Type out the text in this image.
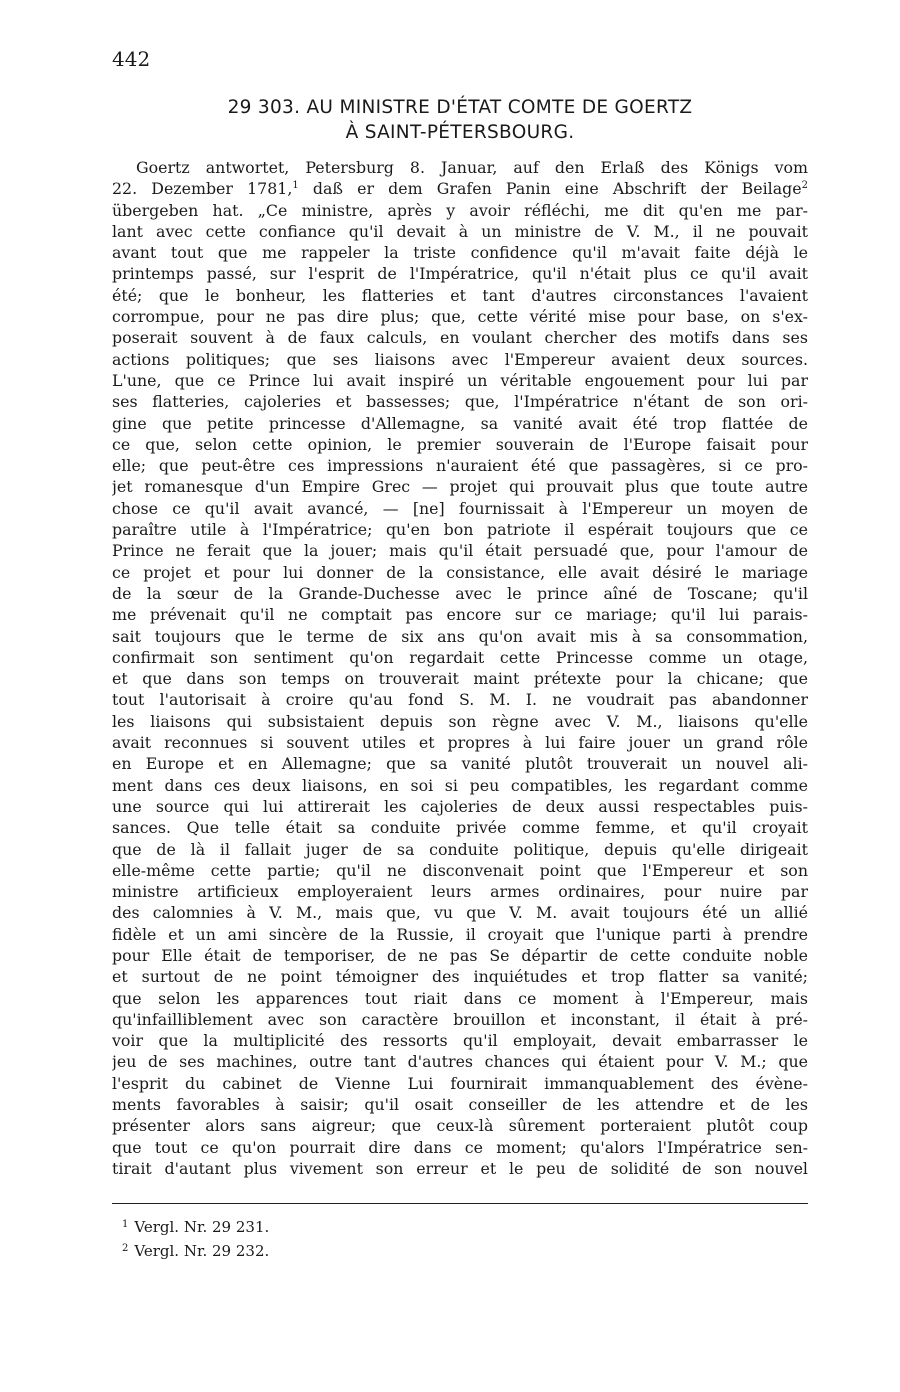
442

29 303. AU MINISTRE D'ÉTAT COMTE DE GOERTZ
À SAINT-PÉTERSBOURG.
Goertz antwortet, Petersburg 8. Januar, auf den Erlaß des Königs vom
22. Dezember 1781,$^1$ daß er dem Grafen Panin eine Abschrift der Beilage$^2$
übergeben hat. „Ce ministre, après y avoir réfléchi, me dit qu'en me par-
lant avec cette confiance qu'il devait à un ministre de V. M., il ne pouvait
avant tout que me rappeler la triste confidence qu'il m'avait faite déjà le
printemps passé, sur l'esprit de l'Impératrice, qu'il n'était plus ce qu'il avait
été; que le bonheur, les flatteries et tant d'autres circonstances l'avaient
corrompue, pour ne pas dire plus; que, cette vérité mise pour base, on s'ex-
poserait souvent à de faux calculs, en voulant chercher des motifs dans ses
actions politiques; que ses liaisons avec l'Empereur avaient deux sources.
L'une, que ce Prince lui avait inspiré un véritable engouement pour lui par
ses flatteries, cajoleries et bassesses; que, l'Impératrice n'étant de son ori-
gine que petite princesse d'Allemagne, sa vanité avait été trop flattée de
ce que, selon cette opinion, le premier souverain de l'Europe faisait pour
elle; que peut-être ces impressions n'auraient été que passagères, si ce pro-
jet romanesque d'un Empire Grec — projet qui prouvait plus que toute autre
chose ce qu'il avait avancé, — [ne] fournissait à l'Empereur un moyen de
paraître utile à l'Impératrice; qu'en bon patriote il espérait toujours que ce
Prince ne ferait que la jouer; mais qu'il était persuadé que, pour l'amour de
ce projet et pour lui donner de la consistance, elle avait désiré le mariage
de la sœur de la Grande-Duchesse avec le prince aîné de Toscane; qu'il
me prévenait qu'il ne comptait pas encore sur ce mariage; qu'il lui parais-
sait toujours que le terme de six ans qu'on avait mis à sa consommation,
confirmait son sentiment qu'on regardait cette Princesse comme un otage,
et que dans son temps on trouverait maint prétexte pour la chicane; que
tout l'autorisait à croire qu'au fond S. M. I. ne voudrait pas abandonner
les liaisons qui subsistaient depuis son règne avec V. M., liaisons qu'elle
avait reconnues si souvent utiles et propres à lui faire jouer un grand rôle
en Europe et en Allemagne; que sa vanité plutôt trouverait un nouvel ali-
ment dans ces deux liaisons, en soi si peu compatibles, les regardant comme
une source qui lui attirerait les cajoleries de deux aussi respectables puis-
sances. Que telle était sa conduite privée comme femme, et qu'il croyait
que de là il fallait juger de sa conduite politique, depuis qu'elle dirigeait
elle-même cette partie; qu'il ne disconvenait point que l'Empereur et son
ministre artificieux employeraient leurs armes ordinaires, pour nuire par
des calomnies à V. M., mais que, vu que V. M. avait toujours été un allié
fidèle et un ami sincère de la Russie, il croyait que l'unique parti à prendre
pour Elle était de temporiser, de ne pas Se départir de cette conduite noble
et surtout de ne point témoigner des inquiétudes et trop flatter sa vanité;
que selon les apparences tout riait dans ce moment à l'Empereur, mais
qu'infailliblement avec son caractère brouillon et inconstant, il était à pré-
voir que la multiplicité des ressorts qu'il employait, devait embarrasser le
jeu de ses machines, outre tant d'autres chances qui étaient pour V. M.; que
l'esprit du cabinet de Vienne Lui fournirait immanquablement des évène-
ments favorables à saisir; qu'il osait conseiller de les attendre et de les
présenter alors sans aigreur; que ceux-là sûrement porteraient plutôt coup
que tout ce qu'on pourrait dire dans ce moment; qu'alors l'Impératrice sen-
tirait d'autant plus vivement son erreur et le peu de solidité de son nouvel
$^1$ Vergl. Nr. 29 231.
$^2$ Vergl. Nr. 29 232.
